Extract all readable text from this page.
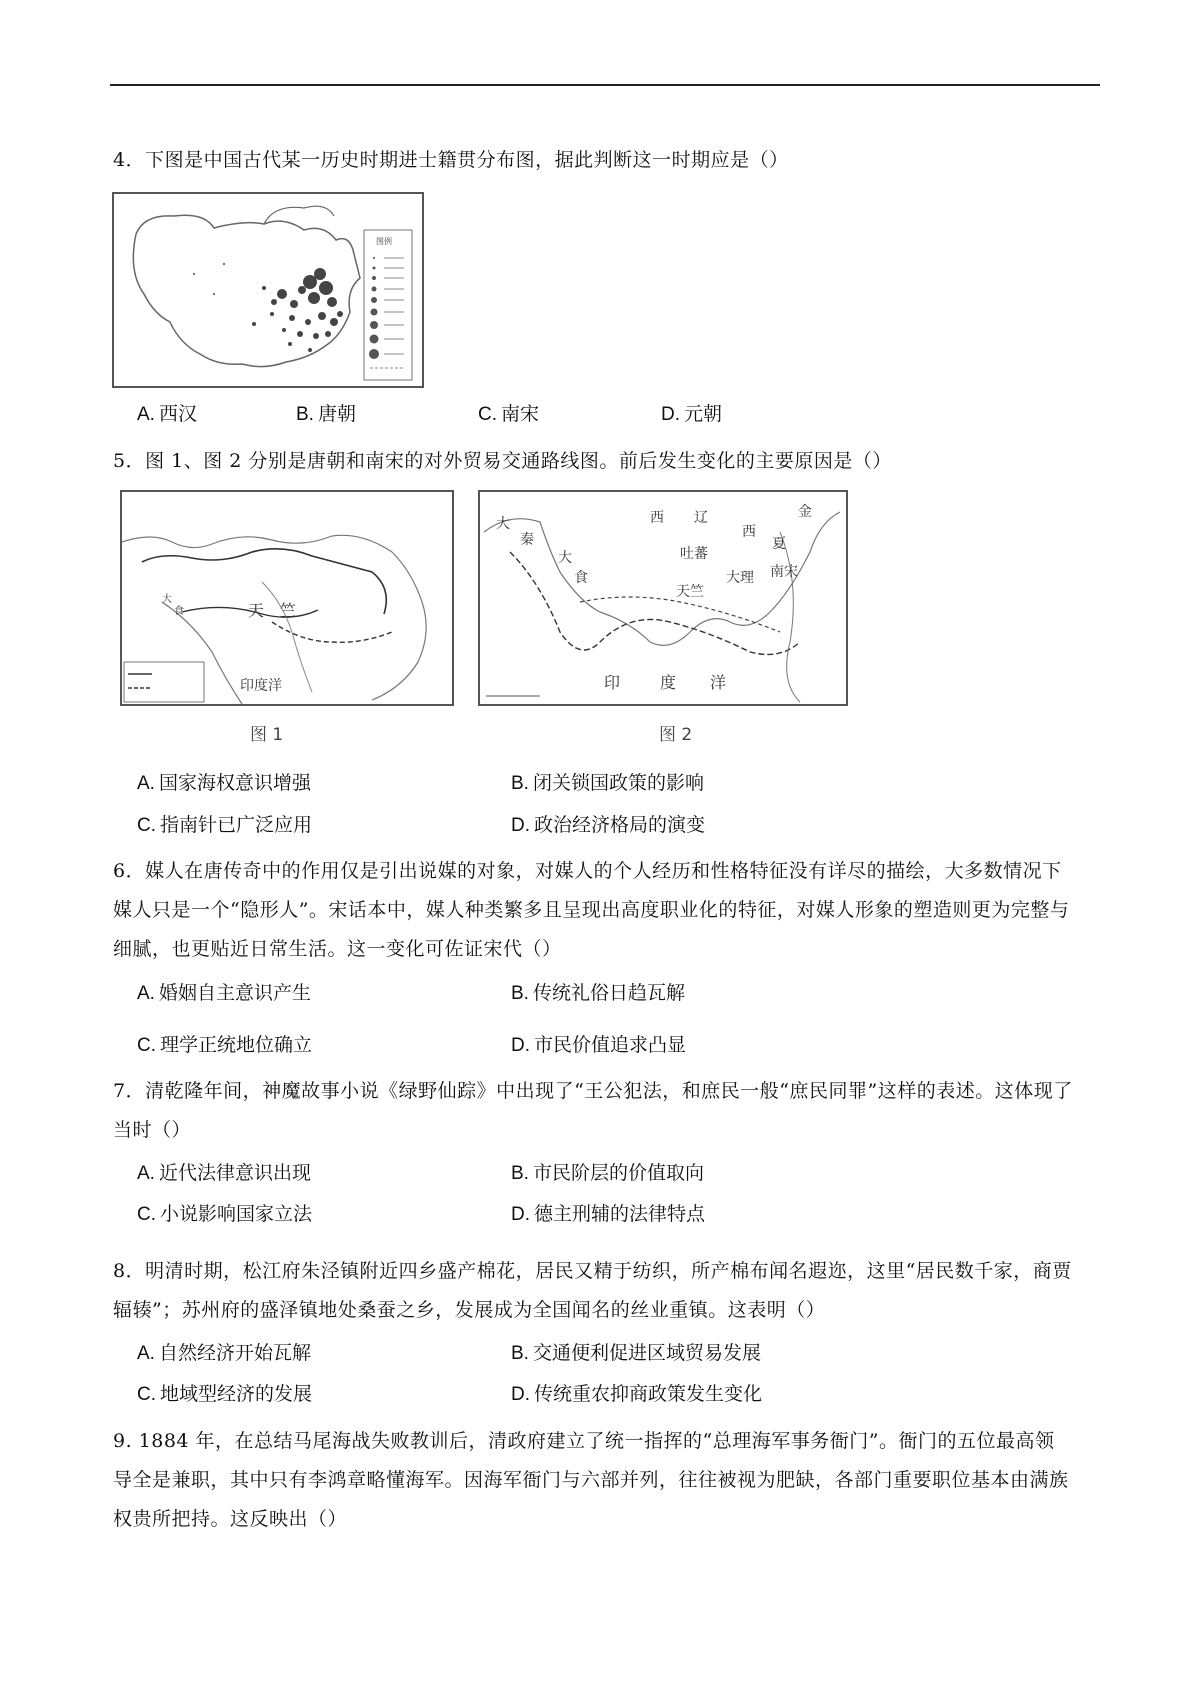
4．下图是中国古代某一历史时期进士籍贯分布图，据此判断这一时期应是（）
图例
A. 西汉	B. 唐朝	C. 南宋	D. 元朝
5．图 1、图 2 分别是唐朝和南宋的对外贸易交通路线图。前后发生变化的主要原因是（）
天 竺
印度洋
大
食
图 1
大
秦
大
食
西 辽
西
夏
金
吐蕃
大理 南宋
天竺
印 度 洋
图 2
A. 国家海权意识增强	B. 闭关锁国政策的影响
C. 指南针已广泛应用	D. 政治经济格局的演变
6．媒人在唐传奇中的作用仅是引出说媒的对象，对媒人的个人经历和性格特征没有详尽的描绘，大多数情况下媒人只是一个“隐形人”。宋话本中，媒人种类繁多且呈现出高度职业化的特征，对媒人形象的塑造则更为完整与细腻，也更贴近日常生活。这一变化可佐证宋代（）
A. 婚姻自主意识产生	B. 传统礼俗日趋瓦解
C. 理学正统地位确立	D. 市民价值追求凸显
7．清乾隆年间，神魔故事小说《绿野仙踪》中出现了“王公犯法，和庶民一般“庶民同罪”这样的表述。这体现了当时（）
A. 近代法律意识出现	B. 市民阶层的价值取向
C. 小说影响国家立法	D. 德主刑辅的法律特点
8．明清时期，松江府朱泾镇附近四乡盛产棉花，居民又精于纺织，所产棉布闻名遐迩，这里“居民数千家，商贾辐辏”；苏州府的盛泽镇地处桑蚕之乡，发展成为全国闻名的丝业重镇。这表明（）
A. 自然经济开始瓦解	B. 交通便利促进区域贸易发展
C. 地域型经济的发展	D. 传统重农抑商政策发生变化
9. 1884 年，在总结马尾海战失败教训后，清政府建立了统一指挥的“总理海军事务衙门”。衙门的五位最高领导全是兼职，其中只有李鸿章略懂海军。因海军衙门与六部并列，往往被视为肥缺，各部门重要职位基本由满族权贵所把持。这反映出（）
